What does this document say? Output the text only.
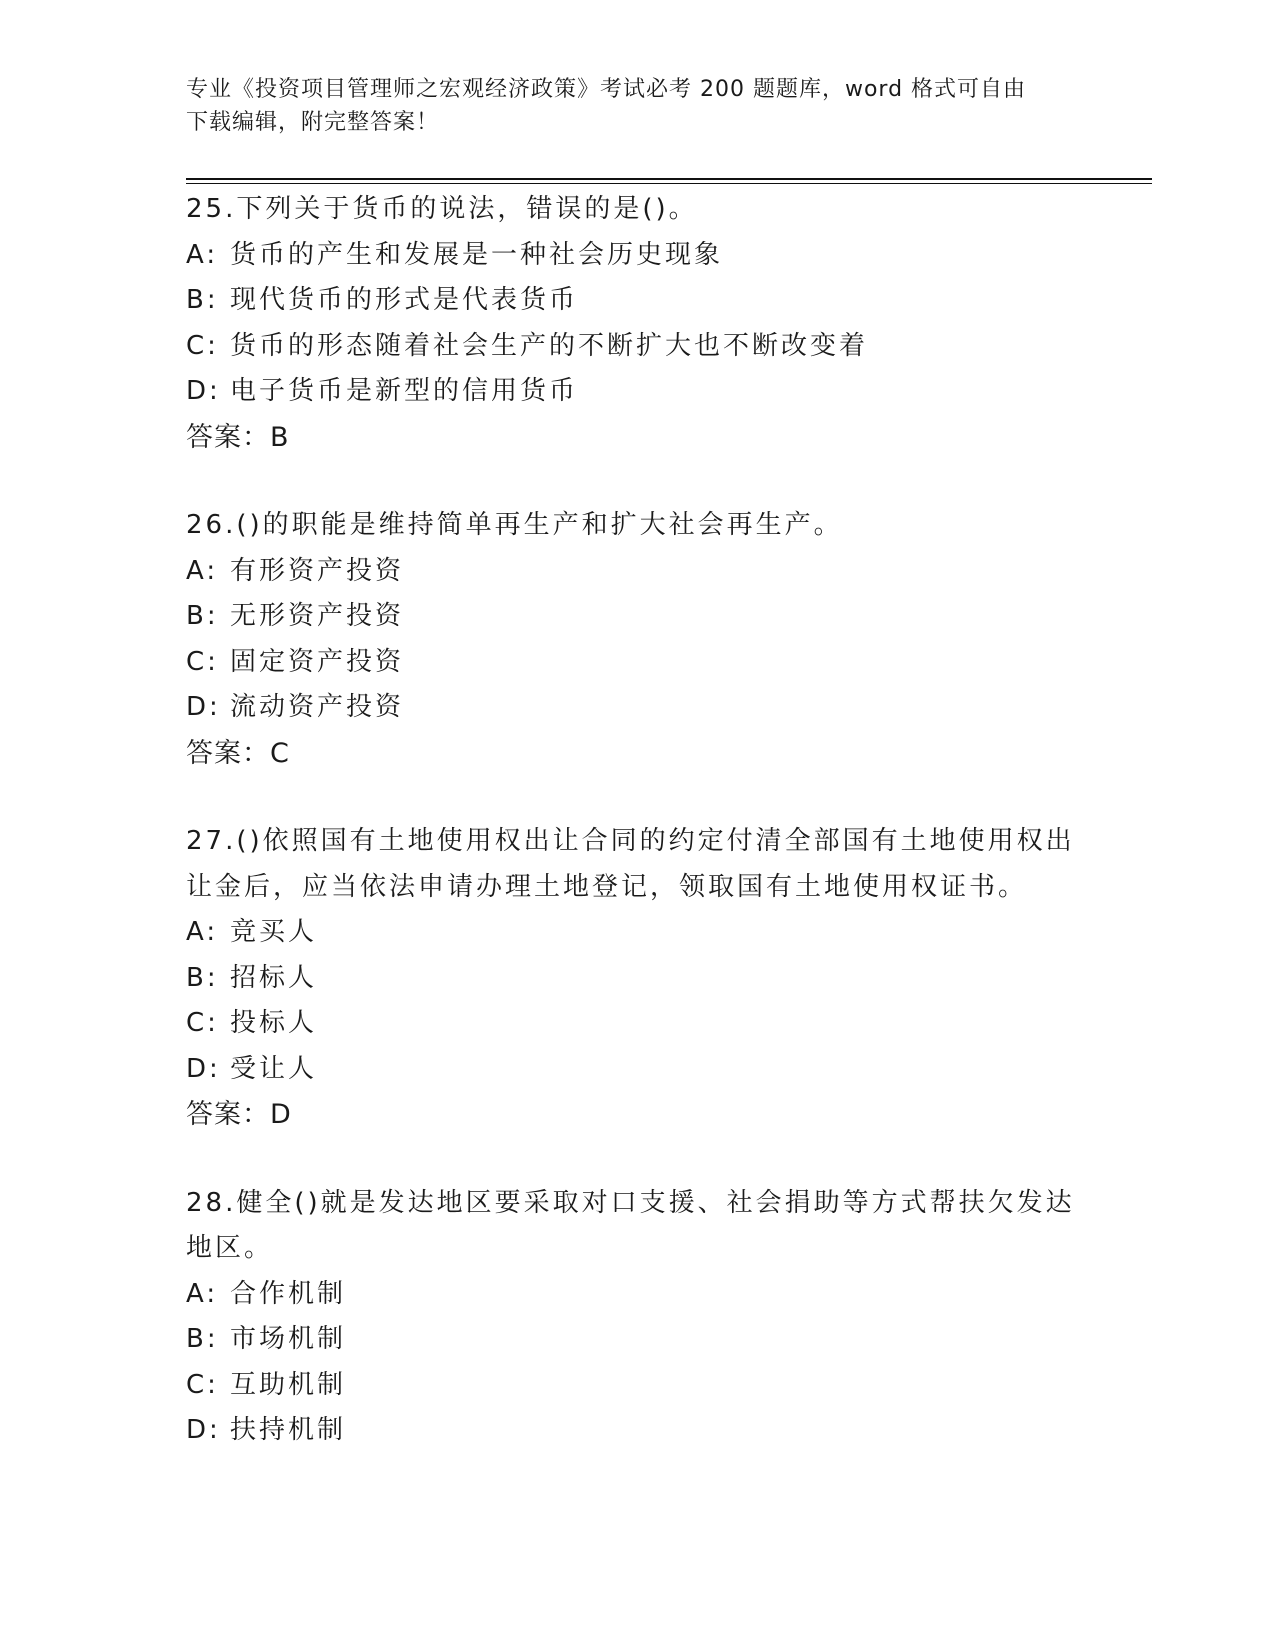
专业《投资项目管理师之宏观经济政策》考试必考 200 题题库，word 格式可自由
下载编辑，附完整答案！

25.下列关于货币的说法，错误的是()。

A: 货币的产生和发展是一种社会历史现象

B: 现代货币的形式是代表货币

C: 货币的形态随着社会生产的不断扩大也不断改变着

D: 电子货币是新型的信用货币

答案：B

26.()的职能是维持简单再生产和扩大社会再生产。

A: 有形资产投资

B: 无形资产投资

C: 固定资产投资

D: 流动资产投资

答案：C

27.()依照国有土地使用权出让合同的约定付清全部国有土地使用权出

让金后，应当依法申请办理土地登记，领取国有土地使用权证书。

A: 竞买人

B: 招标人

C: 投标人

D: 受让人

答案：D

28.健全()就是发达地区要采取对口支援、社会捐助等方式帮扶欠发达

地区。

A: 合作机制

B: 市场机制

C: 互助机制

D: 扶持机制
